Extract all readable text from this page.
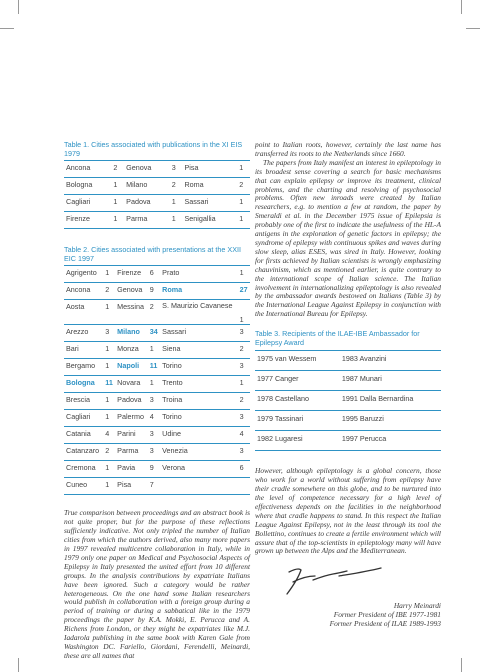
Table 1. Cities associated with publications in the XI EIS 1979

Ancona	2	Genova	3	Pisa	1
Bologna	1	Milano	2	Roma	2
Cagliari	1	Padova	1	Sassari	1
Firenze	1	Parma	1	Senigallia	1

Table 2. Cities associated with presentations at the XXII EIC 1997

Agrigento	1	Firenze	6	Prato	1
Ancona	2	Genova	9	Roma	27
Aosta	1	Messina	2	S. Maurizio Cavanese	1
Arezzo	3	Milano	34	Sassari	3
Bari	1	Monza	1	Siena	2
Bergamo	1	Napoli	11	Torino	3
Bologna	11	Novara	1	Trento	1
Brescia	1	Padova	3	Troina	2
Cagliari	1	Palermo	4	Torino	3
Catania	4	Parini	3	Udine	4
Catanzaro	2	Parma	3	Venezia	3
Cremona	1	Pavia	9	Verona	6
Cuneo	1	Pisa	7		

True comparison between proceedings and an abstract book is not quite proper, but for the purpose of these reflections sufficiently indicative. Not only tripled the number of Italian cities from which the authors derived, also many more papers in 1997 revealed multicentre collaboration in Italy, while in 1979 only one paper on Medical and Psychosocial Aspects of Epilepsy in Italy presented the united effort from 10 different groups. In the analysis contributions by expatriate Italians have been ignored. Such a category would be rather heterogeneous. On the one hand some Italian researchers would publish in collaboration with a foreign group during a period of training or during a sabbatical like in the 1979 proceedings the paper by K.A. Mokki, E. Perucca and A. Richens from London, or they might be expatriates like M.J. Iadarola publishing in the same book with Karen Gale from Washington DC. Fariello, Giordani, Ferendelli, Meinardi, these are all names that

point to Italian roots, however, certainly the last name has transferred its roots to the Netherlands since 1660.

The papers from Italy manifest an interest in epileptology in its broadest sense covering a search for basic mechanisms that can explain epilepsy or improve its treatment, clinical problems, and the charting and resolving of psychosocial problems. Often new inroads were created by Italian researchers, e.g. to mention a few at random, the paper by Smeraldi et al. in the December 1975 issue of Epilepsia is probably one of the first to indicate the usefulness of the HL-A antigens in the exploration of genetic factors in epilepsy; the syndrome of epilepsy with continuous spikes and waves during slow sleep, alias ESES, was sired in Italy. However, looking for firsts achieved by Italian scientists is wrongly emphasizing chauvinism, which as mentioned earlier, is quite contrary to the international scope of Italian science. The Italian involvement in internationalizing epileptology is also revealed by the ambassador awards bestowed on Italians (Table 3) by the International League Against Epilepsy in conjunction with the International Bureau for Epilepsy.

Table 3. Recipients of the ILAE-IBE Ambassador for Epilepsy Award

1975 van Wessem	1983 Avanzini
1977 Canger	1987 Munari
1978 Castellano	1991 Dalla Bernardina
1979 Tassinari	1995 Baruzzi
1982 Lugaresi	1997 Perucca

However, although epileptology is a global concern, those who work for a world without suffering from epilepsy have their cradle somewhere on this globe, and to be nurtured into the level of competence necessary for a high level of effectiveness depends on the facilities in the neighborhood where that cradle happens to stand. In this respect the Italian League Against Epilepsy, not in the least through its tool the Bollettino, continues to create a fertile environment which will assure that of the top-scientists in epileptology many will have grown up between the Alps and the Mediterranean.

Harry Meinardi
Former President of IBE 1977-1981
Former President of ILAE 1989-1993
